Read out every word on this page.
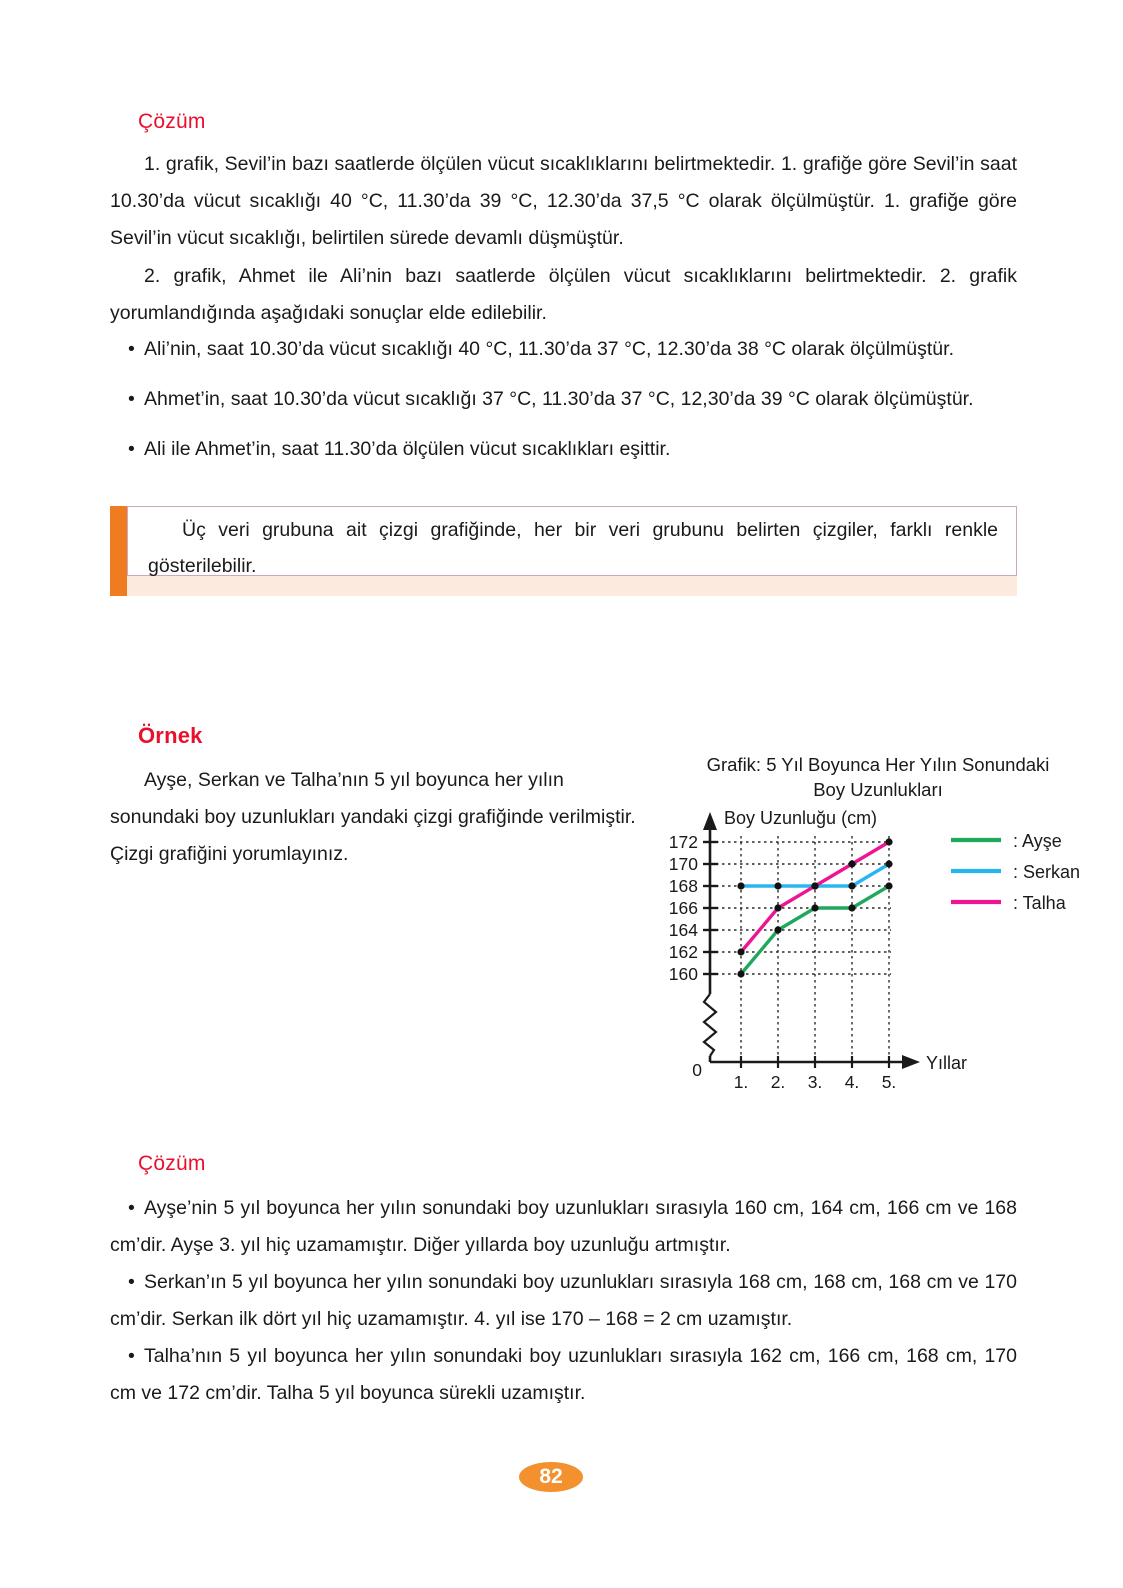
Çözüm
1. grafik, Sevil’in bazı saatlerde ölçülen vücut sıcaklıklarını belirtmektedir. 1. grafiğe göre Sevil’in saat 10.30’da vücut sıcaklığı 40 °C, 11.30’da 39 °C, 12.30’da 37,5 °C olarak ölçülmüştür. 1. grafiğe göre Sevil’in vücut sıcaklığı, belirtilen sürede devamlı düşmüştür.
2. grafik, Ahmet ile Ali’nin bazı saatlerde ölçülen vücut sıcaklıklarını belirtmektedir. 2. grafik yorumlandığında aşağıdaki sonuçlar elde edilebilir.
• Ali’nin, saat 10.30’da vücut sıcaklığı 40 °C, 11.30’da 37 °C, 12.30’da 38 °C olarak ölçülmüştür.
• Ahmet’in, saat 10.30’da vücut sıcaklığı 37 °C, 11.30’da 37 °C, 12,30’da 39 °C olarak ölçümüştür.
• Ali ile Ahmet’in, saat 11.30’da ölçülen vücut sıcaklıkları eşittir.
Üç veri grubuna ait çizgi grafiğinde, her bir veri grubunu belirten çizgiler, farklı renkle gösterilebilir.
Örnek
Ayşe, Serkan ve Talha’nın 5 yıl boyunca her yılın
sonundaki boy uzunlukları yandaki çizgi grafiğinde verilmiştir.
Çizgi grafiğini yorumlayınız.
Grafik: 5 Yıl Boyunca Her Yılın Sonundaki
Boy Uzunlukları
172
170
168
166
164
162
160
0
1. 2. 3. 4. 5.
Boy Uzunluğu (cm)
Yıllar
: Ayşe
: Serkan
: Talha
Çözüm
• Ayşe’nin 5 yıl boyunca her yılın sonundaki boy uzunlukları sırasıyla 160 cm, 164 cm, 166 cm ve 168 cm’dir. Ayşe 3. yıl hiç uzamamıştır. Diğer yıllarda boy uzunluğu artmıştır.
• Serkan’ın 5 yıl boyunca her yılın sonundaki boy uzunlukları sırasıyla 168 cm, 168 cm, 168 cm ve 170 cm’dir. Serkan ilk dört yıl hiç uzamamıştır. 4. yıl ise 170 – 168 = 2 cm uzamıştır.
• Talha’nın 5 yıl boyunca her yılın sonundaki boy uzunlukları sırasıyla 162 cm, 166 cm, 168 cm, 170 cm ve 172 cm’dir. Talha 5 yıl boyunca sürekli uzamıştır.
82
